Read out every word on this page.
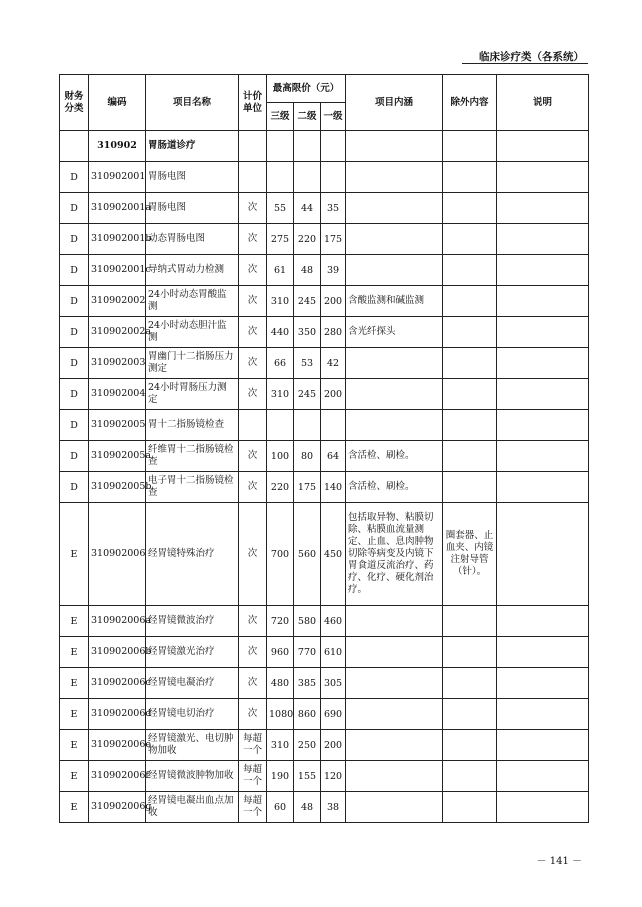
临床诊疗类（各系统）
财务分类	编码	项目名称	计价单位	最高限价（元）			项目内涵	除外内容	说明
				三级	二级	一级			
	310902	胃肠道诊疗							
D	310902001	胃肠电图							
D	310902001a	胃肠电图	次	55	44	35			
D	310902001b	动态胃肠电图	次	275	220	175			
D	310902001c	导纳式胃动力检测	次	61	48	39			
D	310902002	24小时动态胃酸监测	次	310	245	200	含酸监测和碱监测		
D	310902002a	24小时动态胆汁监测	次	440	350	280	含光纤探头		
D	310902003	胃幽门十二指肠压力测定	次	66	53	42			
D	310902004	24小时胃肠压力测定	次	310	245	200			
D	310902005	胃十二指肠镜检查							
D	310902005a	纤维胃十二指肠镜检查	次	100	80	64	含活检、刷检。		
D	310902005b	电子胃十二指肠镜检查	次	220	175	140	含活检、刷检。		
E	310902006	经胃镜特殊治疗	次	700	560	450	包括取异物、粘膜切除、粘膜血流量测定、止血、息肉肿物切除等病变及内镜下胃食道反流治疗、药疗、化疗、硬化剂治疗。	圈套器、止血夹、内镜注射导管（针）。	
E	310902006a	经胃镜微波治疗	次	720	580	460			
E	310902006b	经胃镜激光治疗	次	960	770	610			
E	310902006c	经胃镜电凝治疗	次	480	385	305			
E	310902006d	经胃镜电切治疗	次	1080	860	690			
E	310902006e	经胃镜激光、电切肿物加收	每超一个	310	250	200			
E	310902006f	经胃镜微波肿物加收	每超一个	190	155	120			
E	310902006g	经胃镜电凝出血点加收	每超一个	60	48	38			
－ 141 －
